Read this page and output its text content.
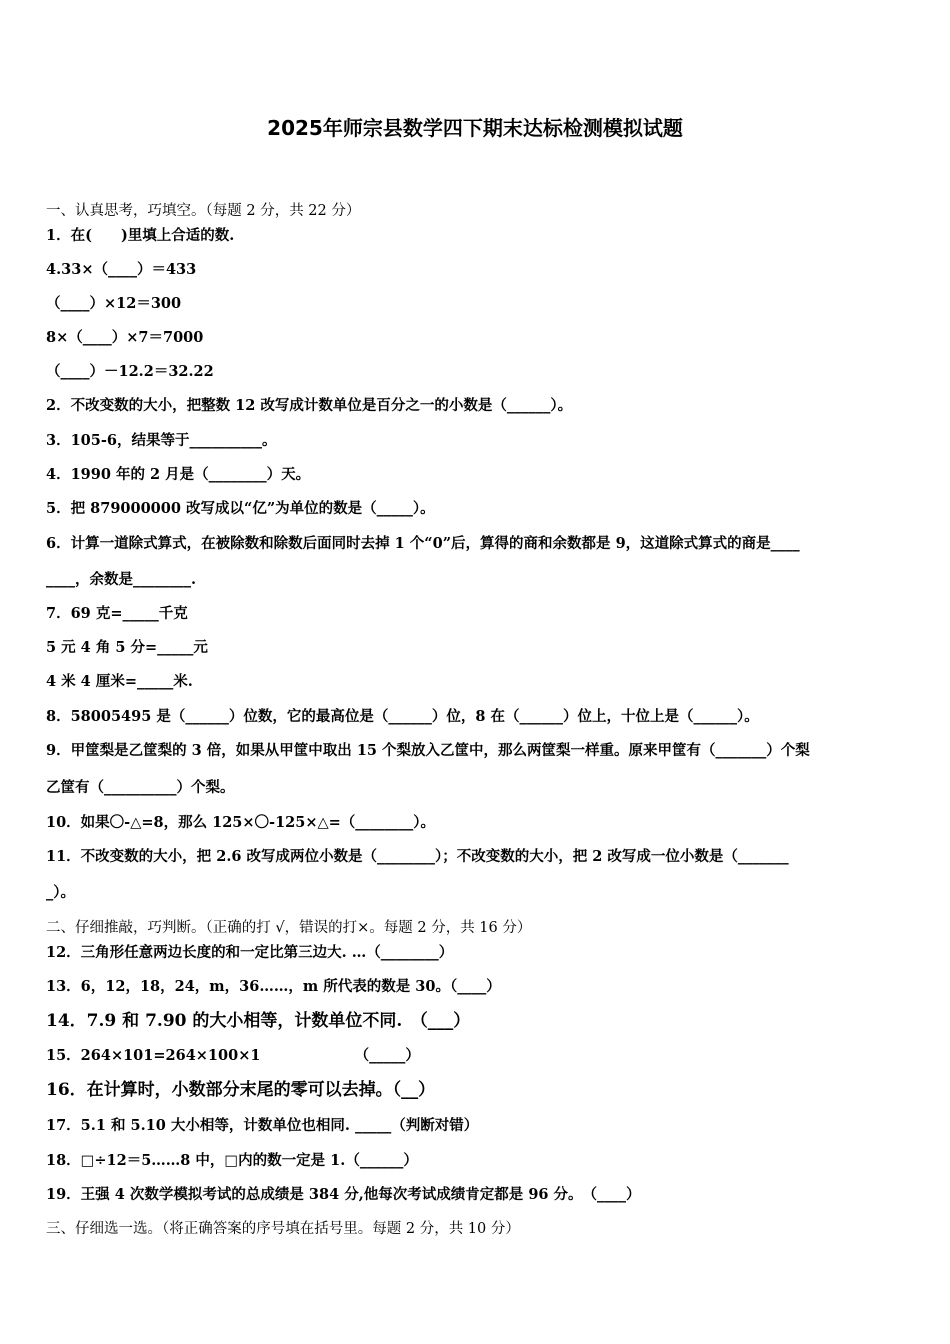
2025年师宗县数学四下期末达标检测模拟试题
一、认真思考，巧填空。（每题 2 分，共 22 分）
1．在(　　)里填上合适的数.
4.33×（____）＝433
（____）×12＝300
8×（____）×7＝7000
（____）－12.2＝32.22
2．不改变数的大小，把整数 12 改写成计数单位是百分之一的小数是（______）。
3．105-6，结果等于__________。
4．1990 年的 2 月是（________）天。
5．把 879000000 改写成以“亿”为单位的数是（_____）。
6．计算一道除式算式，在被除数和除数后面同时去掉 1 个“0”后，算得的商和余数都是 9，这道除式算式的商是____
____，余数是________.
7．69 克=_____千克
5 元 4 角 5 分=_____元
4 米 4 厘米=_____米.
8．58005495 是（______）位数，它的最高位是（______）位，8 在（______）位上，十位上是（______）。
9．甲筐梨是乙筐梨的 3 倍，如果从甲筐中取出 15 个梨放入乙筐中，那么两筐梨一样重。原来甲筐有（_______）个梨
乙筐有（__________）个梨。
10．如果〇-△=8，那么 125×〇-125×△=（________）。
11．不改变数的大小，把 2.6 改写成两位小数是（________）；不改变数的大小，把 2 改写成一位小数是（_______
_）。
二、仔细推敲，巧判断。（正确的打 √，错误的打×。每题 2 分，共 16 分）
12．三角形任意两边长度的和一定比第三边大. …（________）
13．6，12，18，24，m，36……，m 所代表的数是 30。（____）
14．7.9 和 7.90 的大小相等，计数单位不同.　（___）
15．264×101=264×100×1　　　　　　　（_____）
16．在计算时，小数部分末尾的零可以去掉。（__）
17．5.1 和 5.10 大小相等，计数单位也相同. _____（判断对错）
18．□÷12＝5……8 中，□内的数一定是 1.（______）
19．王强 4 次数学模拟考试的总成绩是 384 分,他每次考试成绩肯定都是 96 分。　（____）
三、仔细选一选。（将正确答案的序号填在括号里。每题 2 分，共 10 分）
